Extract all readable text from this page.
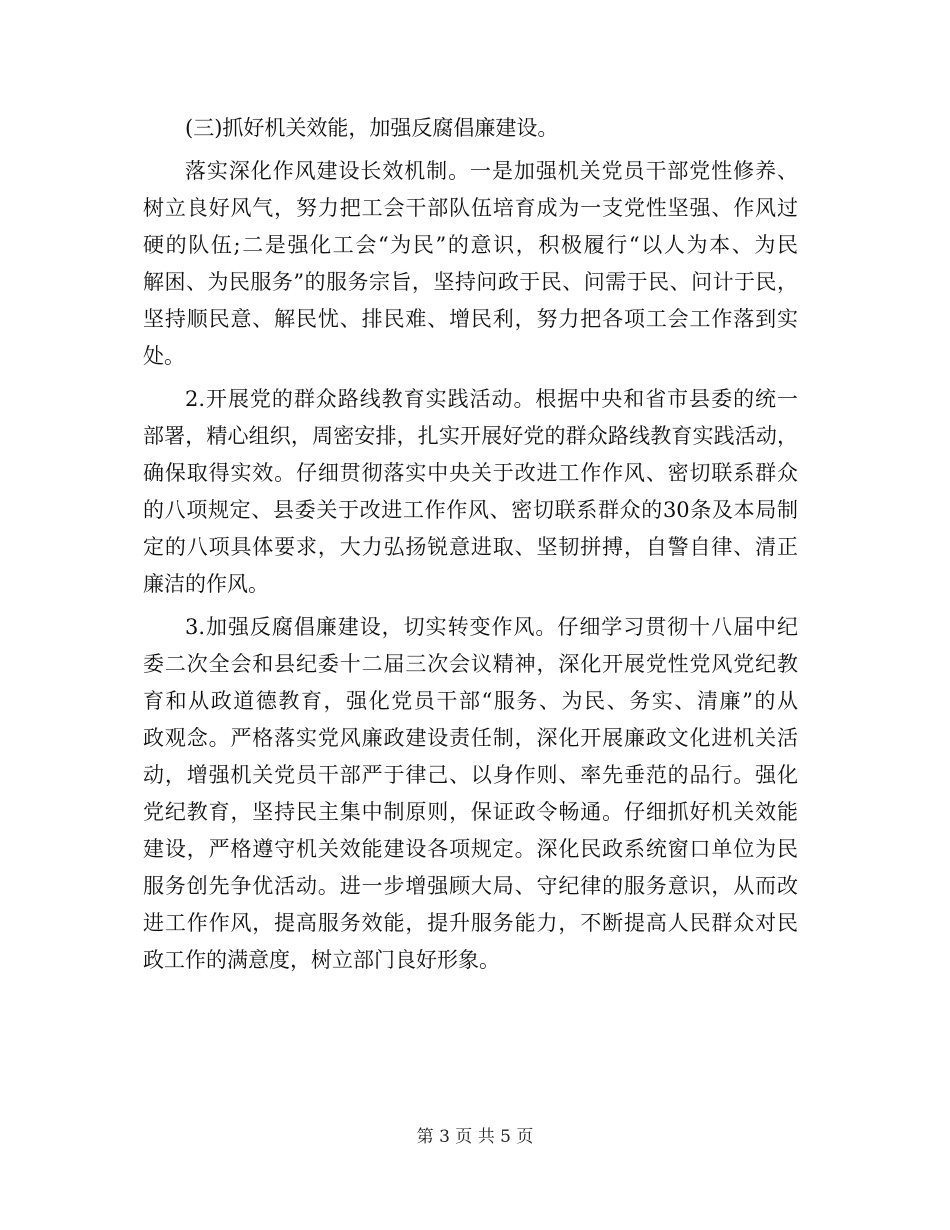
(三)抓好机关效能，加强反腐倡廉建设。
落实深化作风建设长效机制。一是加强机关党员干部党性修养、
树立良好风气，努力把工会干部队伍培育成为一支党性坚强、作风过
硬的队伍;二是强化工会“为民”的意识，积极履行“以人为本、为民
解困、为民服务”的服务宗旨，坚持问政于民、问需于民、问计于民，
坚持顺民意、解民忧、排民难、增民利，努力把各项工会工作落到实
处。
2.开展党的群众路线教育实践活动。根据中央和省市县委的统一
部署，精心组织，周密安排，扎实开展好党的群众路线教育实践活动，
确保取得实效。仔细贯彻落实中央关于改进工作作风、密切联系群众
的八项规定、县委关于改进工作作风、密切联系群众的30条及本局制
定的八项具体要求，大力弘扬锐意进取、坚韧拼搏，自警自律、清正
廉洁的作风。
3.加强反腐倡廉建设，切实转变作风。仔细学习贯彻十八届中纪
委二次全会和县纪委十二届三次会议精神，深化开展党性党风党纪教
育和从政道德教育，强化党员干部“服务、为民、务实、清廉”的从
政观念。严格落实党风廉政建设责任制，深化开展廉政文化进机关活
动，增强机关党员干部严于律己、以身作则、率先垂范的品行。强化
党纪教育，坚持民主集中制原则，保证政令畅通。仔细抓好机关效能
建设，严格遵守机关效能建设各项规定。深化民政系统窗口单位为民
服务创先争优活动。进一步增强顾大局、守纪律的服务意识，从而改
进工作作风，提高服务效能，提升服务能力，不断提高人民群众对民
政工作的满意度，树立部门良好形象。
第 3 页 共 5 页
